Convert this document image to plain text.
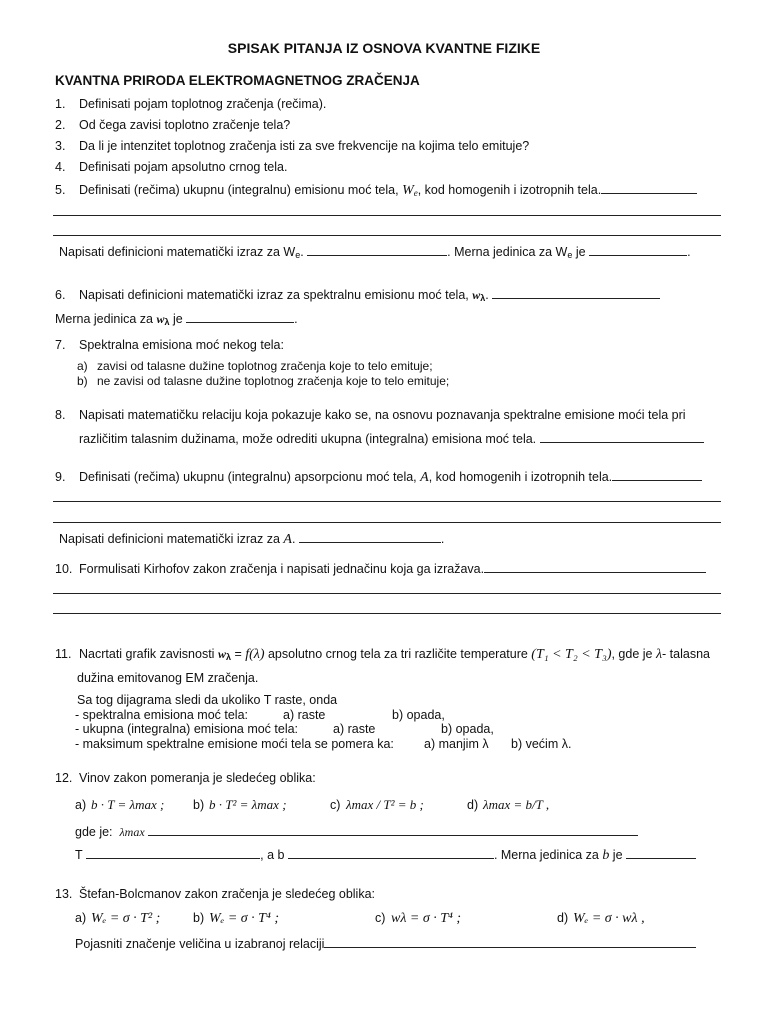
SPISAK PITANJA IZ OSNOVA KVANTNE FIZIKE
KVANTNA PRIRODA ELEKTROMAGNETNOG ZRAČENJA
1. Definisati pojam toplotnog zračenja (rečima).
2. Od čega zavisi toplotno zračenje tela?
3. Da li je intenzitet toplotnog zračenja isti za sve frekvencije na kojima telo emituje?
4. Definisati pojam apsolutno crnog tela.
5. Definisati (rečima) ukupnu (integralnu) emisionu moć tela, $W_e$, kod homogenih i izotropnih tela.
Napisati definicioni matematički izraz za $W_e$.	. Merna jedinica za $W_e$ je	.
6. Napisati definicioni matematički izraz za spektralnu emisionu moć tela, $w_\lambda$.
Merna jedinica za $w_\lambda$ je	.
7. Spektralna emisiona moć nekog tela:
a) zavisi od talasne dužine toplotnog zračenja koje to telo emituje;
b) ne zavisi od talasne dužine toplotnog zračenja koje to telo emituje;
8. Napisati matematičku relaciju koja pokazuje kako se, na osnovu poznavanja spektralne emisione moći tela pri
različitim talasnim dužinama, može odrediti ukupna (integralna) emisiona moć tela.
9. Definisati (rečima) ukupnu (integralnu) apsorpcionu moć tela, A, kod homogenih i izotropnih tela.
Napisati definicioni matematički izraz za A.	.
10. Formulisati Kirhofov zakon zračenja i napisati jednačinu koja ga izražava.
11. Nacrtati grafik zavisnosti $w_\lambda = f(\lambda)$ apsolutno crnog tela za tri različite temperature (T₁ < T₂ < T₃), gde je λ- talasna
dužina emitovanog EM zračenja.
Sa tog dijagrama sledi da ukoliko T raste, onda
- spektralna emisiona moć tela:	a) raste	b) opada,
- ukupna (integralna) emisiona moć tela:	a) raste	b) opada,
- maksimum spektralne emisione moći tela se pomera ka: a) manjim λ b) većim λ.
12. Vinov zakon pomeranja je sledećeg oblika:
a) b · T = λmax ; b) b · T² = λmax ;	c) λmax / T² = b ;	d) λmax = b/T ,
gde je: λmax
T	, a b	. Merna jedinica za b je
13. Štefan-Bolcmanov zakon zračenja je sledećeg oblika:
a) Wₑ = σ · T² ;	b) Wₑ = σ · T⁴ ;	c) wλ = σ · T⁴ ;	d) Wₑ = σ · wλ ,
Pojasniti značenje veličina u izabranoj relaciji
